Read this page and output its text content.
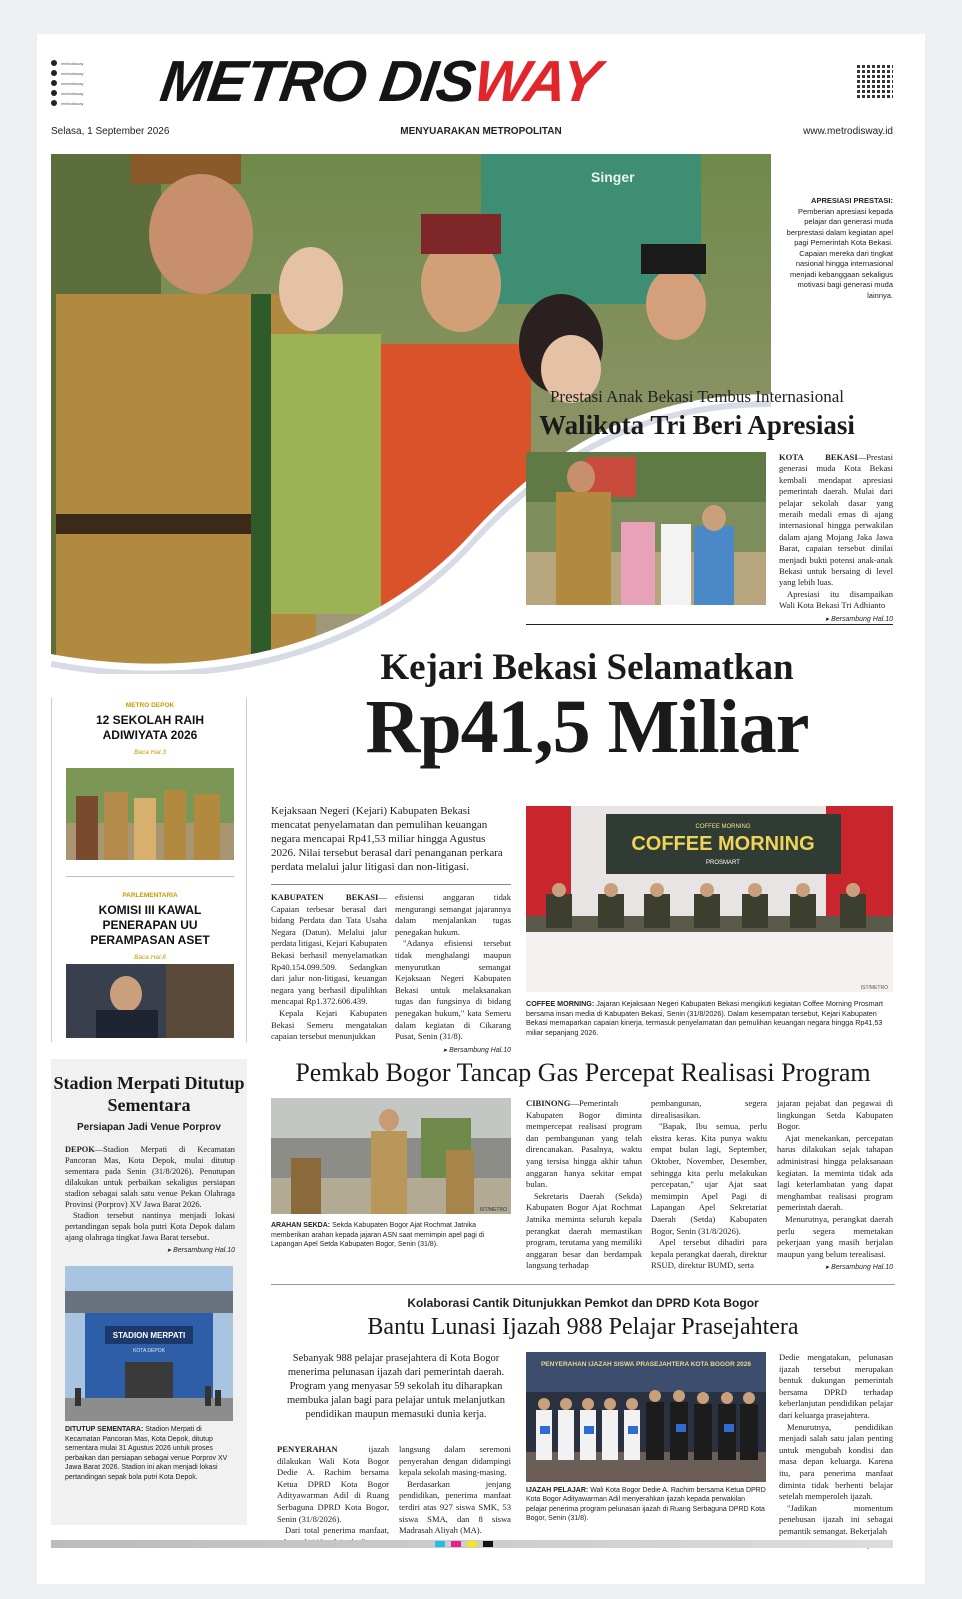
metrodisway
metrodisway
metrodisway
metrodisway
metrodisway METRO DISWAY
Selasa, 1 September 2026	MENYUARAKAN METROPOLITAN	www.metrodisway.id
Singer
APRESIASI PRESTASI:
Pemberian apresiasi kepada pelajar dan generasi muda berprestasi dalam kegiatan apel pagi Pemerintah Kota Bekasi. Capaian mereka dari tingkat nasional hingga internasional menjadi kebanggaan sekaligus motivasi bagi generasi muda lainnya.
Prestasi Anak Bekasi Tembus Internasional
Walikota Tri Beri Apresiasi

KOTA BEKASI—Prestasi generasi muda Kota Bekasi kembali mendapat apresiasi pemerintah daerah. Mulai dari pelajar sekolah dasar yang meraih medali emas di ajang internasional hingga perwakilan dalam ajang Mojang Jaka Jawa Barat, capaian tersebut dinilai menjadi bukti potensi anak-anak Bekasi untuk bersaing di level yang lebih luas.

Apresiasi itu disampaikan Wali Kota Bekasi Tri Adhianto

▸ Bersambung Hal.10
Kejari Bekasi Selamatkan
Rp41,5 Miliar
METRO DEPOK
12 SEKOLAH RAIH ADIWIYATA 2026
Baca Hal.3
PARLEMENTARIA
KOMISI III KAWAL PENERAPAN UU PERAMPASAN ASET
Baca Hal.8
Kejaksaan Negeri (Kejari) Kabupaten Bekasi mencatat penyelamatan dan pemulihan keuangan negara mencapai Rp41,53 miliar hingga Agustus 2026. Nilai tersebut berasal dari penanganan perkara perdata melalui jalur litigasi dan non-litigasi.

KABUPATEN BEKASI—Capaian terbesar berasal dari bidang Perdata dan Tata Usaha Negara (Datun). Melalui jalur perdata litigasi, Kejari Kabupaten Bekasi berhasil menyelamatkan Rp40.154.099.509. Sedangkan dari jalur non-litigasi, keuangan negara yang berhasil dipulihkan mencapai Rp1.372.606.439.

Kepala Kejari Kabupaten Bekasi Semeru mengatakan capaian tersebut menunjukkan

efisiensi anggaran tidak mengurangi semangat jajarannya dalam menjalankan tugas penegakan hukum.

"Adanya efisiensi tersebut tidak menghalangi maupun menyurutkan semangat Kejaksaan Negeri Kabupaten Bekasi untuk melaksanakan tugas dan fungsinya di bidang penegakan hukum," kata Semeru dalam kegiatan di Cikarang Pusat, Senin (31/8).

▸ Bersambung Hal.10
COFFEE MORNING
COFFEE MORNING
PROSMART
IST/METRO
COFFEE MORNING: Jajaran Kejaksaan Negeri Kabupaten Bekasi mengikuti kegiatan Coffee Morning Prosmart bersama insan media di Kabupaten Bekasi, Senin (31/8/2026). Dalam kesempatan tersebut, Kejari Kabupaten Bekasi memaparkan capaian kinerja, termasuk penyelamatan dan pemulihan keuangan negara hingga Rp41,53 miliar sepanjang 2026.
Stadion Merpati Ditutup Sementara
Persiapan Jadi Venue Porprov

DEPOK—Stadion Merpati di Kecamatan Pancoran Mas, Kota Depok, mulai ditutup sementara pada Senin (31/8/2026). Penutupan dilakukan untuk perbaikan sekaligus persiapan stadion sebagai salah satu venue Pekan Olahraga Provinsi (Porprov) XV Jawa Barat 2026.

Stadion tersebut nantinya menjadi lokasi pertandingan sepak bola putri Kota Depok dalam ajang olahraga tingkat Jawa Barat tersebut.

▸ Bersambung Hal.10
STADION MERPATI
KOTA DEPOK
DITUTUP SEMENTARA: Stadion Merpati di Kecamatan Pancoran Mas, Kota Depok, ditutup sementara mulai 31 Agustus 2026 untuk proses perbaikan dan persiapan sebagai venue Porprov XV Jawa Barat 2026. Stadion ini akan menjadi lokasi pertandingan sepak bola putri Kota Depok.
Pemkab Bogor Tancap Gas Percepat Realisasi Program
IST/METRO
ARAHAN SEKDA: Sekda Kabupaten Bogor Ajat Rochmat Jatnika memberikan arahan kepada jajaran ASN saat memimpin apel pagi di Lapangan Apel Setda Kabupaten Bogor, Senin (31/8).

CIBINONG—Pemerintah Kabupaten Bogor diminta mempercepat realisasi program dan pembangunan yang telah direncanakan. Pasalnya, waktu yang tersisa hingga akhir tahun anggaran hanya sekitar empat bulan.

Sekretaris Daerah (Sekda) Kabupaten Bogor Ajat Rochmat Jatnika meminta seluruh kepala perangkat daerah memastikan program, terutama yang memiliki anggaran besar dan berdampak langsung terhadap

pembangunan, segera direalisasikan.

"Bapak, Ibu semua, perlu ekstra keras. Kita punya waktu empat bulan lagi, September, Oktober, November, Desember, sehingga kita perlu melakukan percepatan," ujar Ajat saat memimpin Apel Pagi di Lapangan Apel Sekretariat Daerah (Setda) Kabupaten Bogor, Senin (31/8/2026).

Apel tersebut dihadiri para kepala perangkat daerah, direktur RSUD, direktur BUMD, serta

jajaran pejabat dan pegawai di lingkungan Setda Kabupaten Bogor.

Ajat menekankan, percepatan harus dilakukan sejak tahapan administrasi hingga pelaksanaan kegiatan. Ia meminta tidak ada lagi keterlambatan yang dapat menghambat realisasi program pemerintah daerah.

Menurutnya, perangkat daerah perlu segera memetakan pekerjaan yang masih berjalan maupun yang belum terealisasi.

▸ Bersambung Hal.10
Kolaborasi Cantik Ditunjukkan Pemkot dan DPRD Kota Bogor
Bantu Lunasi Ijazah 988 Pelajar Prasejahtera
Sebanyak 988 pelajar prasejahtera di Kota Bogor menerima pelunasan ijazah dari pemerintah daerah. Program yang menyasar 59 sekolah itu diharapkan membuka jalan bagi para pelajar untuk melanjutkan pendidikan maupun memasuki dunia kerja.

PENYERAHAN ijazah dilakukan Wali Kota Bogor Dedie A. Rachim bersama Ketua DPRD Kota Bogor Adityawarman Adil di Ruang Serbaguna DPRD Kota Bogor, Senin (31/8/2026).

Dari total penerima manfaat,

langsung dalam seremoni penyerahan dengan didampingi kepala sekolah masing-masing.

Berdasarkan jenjang pendidikan, penerima manfaat terdiri atas 927 siswa SMK, 53 siswa SMA, dan 8 siswa Madrasah Aliyah (MA).

PENYERAHAN IJAZAH SISWA PRASEJAHTERA KOTA BOGOR 2026
IJAZAH PELAJAR: Wali Kota Bogor Dedie A. Rachim bersama Ketua DPRD Kota Bogor Adityawarman Adil menyerahkan ijazah kepada perwakilan pelajar penerima program pelunasan ijazah di Ruang Serbaguna DPRD Kota Bogor, Senin (31/8).

Dedie mengatakan, pelunasan ijazah tersebut merupakan bentuk dukungan pemerintah bersama DPRD terhadap keberlanjutan pendidikan pelajar dari keluarga prasejahtera.

Menurutnya, pendidikan menjadi salah satu jalan penting untuk mengubah kondisi dan masa depan keluarga. Karena itu, para penerima manfaat diminta tidak berhenti belajar setelah memperoleh ijazah.

"Jadikan momentum penebusan ijazah ini sebagai pemantik semangat. Bekerjalah
